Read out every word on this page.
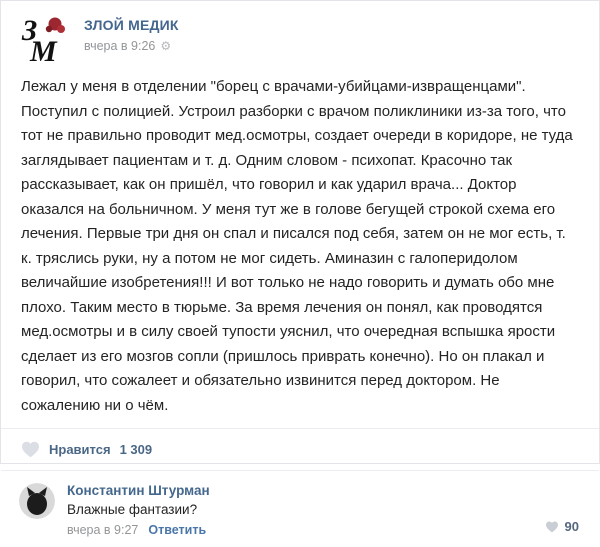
З
М
ЗЛОЙ МЕДИК
вчера в 9:26 ⚙
Лежал у меня в отделении "борец с врачами-убийцами-извращенцами". Поступил с полицией. Устроил разборки с врачом поликлиники из-за того, что тот не правильно проводит мед.осмотры, создает очереди в коридоре, не туда заглядывает пациентам и т. д. Одним словом - психопат. Красочно так рассказывает, как он пришёл, что говорил и как ударил врача... Доктор оказался на больничном. У меня тут же в голове бегущей строкой схема его лечения. Первые три дня он спал и писался под себя, затем он не мог есть, т. к. тряслись руки, ну а потом не мог сидеть. Аминазин с галоперидолом величайшие изобретения!!! И вот только не надо говорить и думать обо мне плохо. Таким место в тюрьме. За время лечения он понял, как проводятся мед.осмотры и в силу своей тупости уяснил, что очередная вспышка ярости сделает из его мозгов сопли (пришлось приврать конечно). Но он плакал и говорил, что сожалеет и обязательно извинится перед доктором. Не сожалению ни о чём.
Нравится 1 309
Константин Штурман
Влажные фантазии?
вчера в 9:27 Ответить	90
